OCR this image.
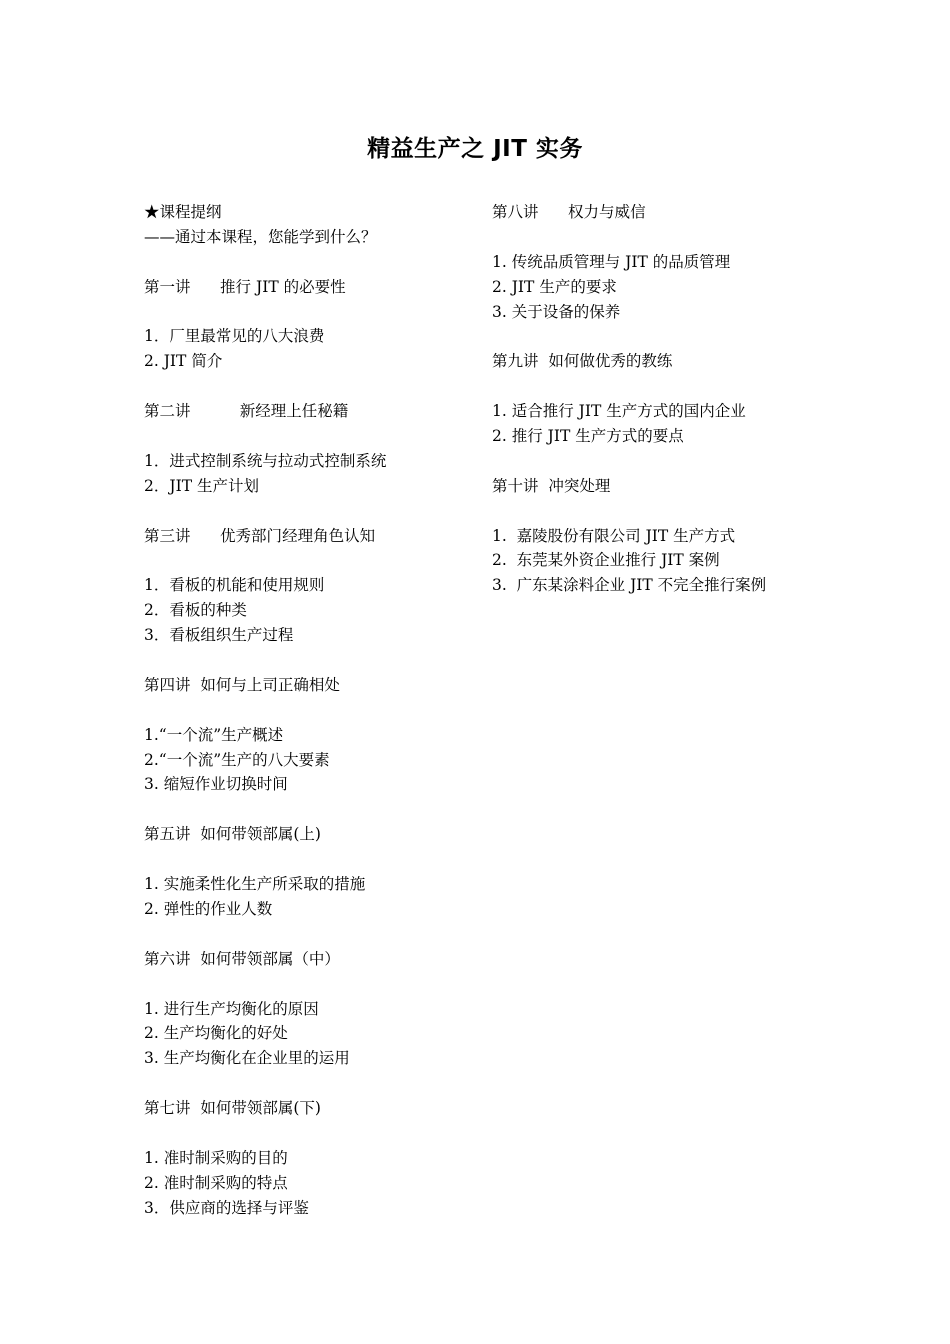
精益生产之 JIT 实务
★课程提纲
——通过本课程，您能学到什么？
第一讲      推行 JIT 的必要性
1．厂里最常见的八大浪费
2. JIT 简介
第二讲          新经理上任秘籍
1．进式控制系统与拉动式控制系统
2．JIT 生产计划
第三讲      优秀部门经理角色认知
1．看板的机能和使用规则
2．看板的种类
3．看板组织生产过程
第四讲  如何与上司正确相处
1.“一个流”生产概述
2.“一个流”生产的八大要素
3. 缩短作业切换时间
第五讲  如何带领部属(上)
1. 实施柔性化生产所采取的措施
2. 弹性的作业人数
第六讲  如何带领部属（中）
1. 进行生产均衡化的原因
2. 生产均衡化的好处
3. 生产均衡化在企业里的运用
第七讲  如何带领部属(下)
1. 准时制采购的目的
2. 准时制采购的特点
3．供应商的选择与评鉴
第八讲      权力与威信
1. 传统品质管理与 JIT 的品质管理
2. JIT 生产的要求
3. 关于设备的保养
第九讲  如何做优秀的教练
1. 适合推行 JIT 生产方式的国内企业
2. 推行 JIT 生产方式的要点
第十讲  冲突处理
1.  嘉陵股份有限公司 JIT 生产方式
2.  东莞某外资企业推行 JIT 案例
3.  广东某涂料企业 JIT 不完全推行案例
